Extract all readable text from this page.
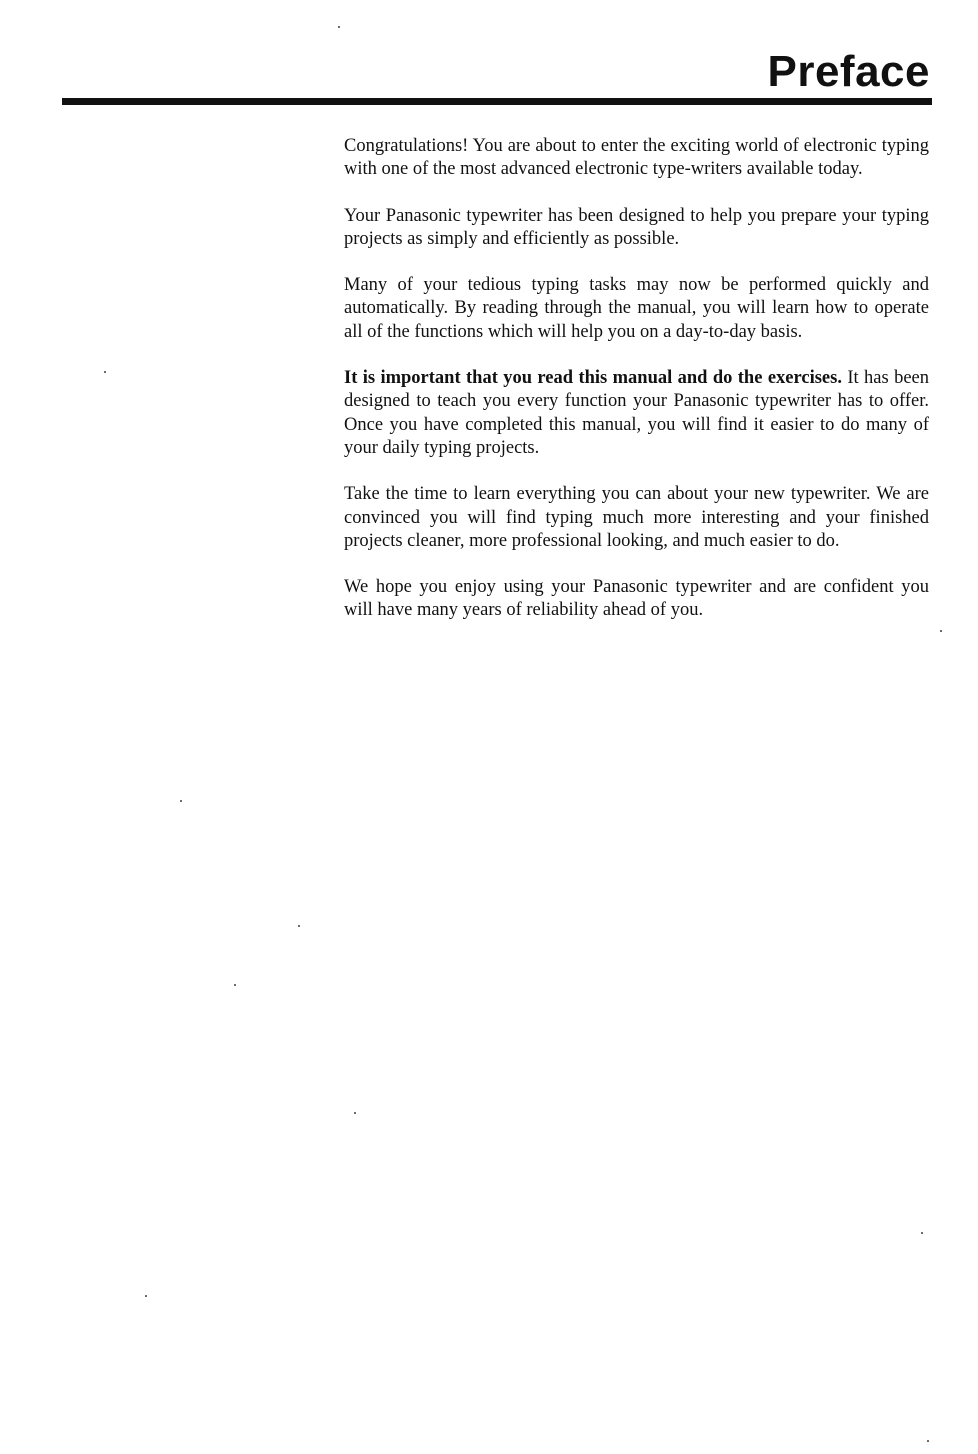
Preface

Congratulations! You are about to enter the exciting world of electronic typing with one of the most advanced electronic type-writers available today.

Your Panasonic typewriter has been designed to help you prepare your typing projects as simply and efficiently as possible.

Many of your tedious typing tasks may now be performed quickly and automatically. By reading through the manual, you will learn how to operate all of the functions which will help you on a day-to-day basis.

It is important that you read this manual and do the exercises. It has been designed to teach you every function your Panasonic typewriter has to offer. Once you have completed this manual, you will find it easier to do many of your daily typing projects.

Take the time to learn everything you can about your new typewriter. We are convinced you will find typing much more interesting and your finished projects cleaner, more professional looking, and much easier to do.

We hope you enjoy using your Panasonic typewriter and are confident you will have many years of reliability ahead of you.
